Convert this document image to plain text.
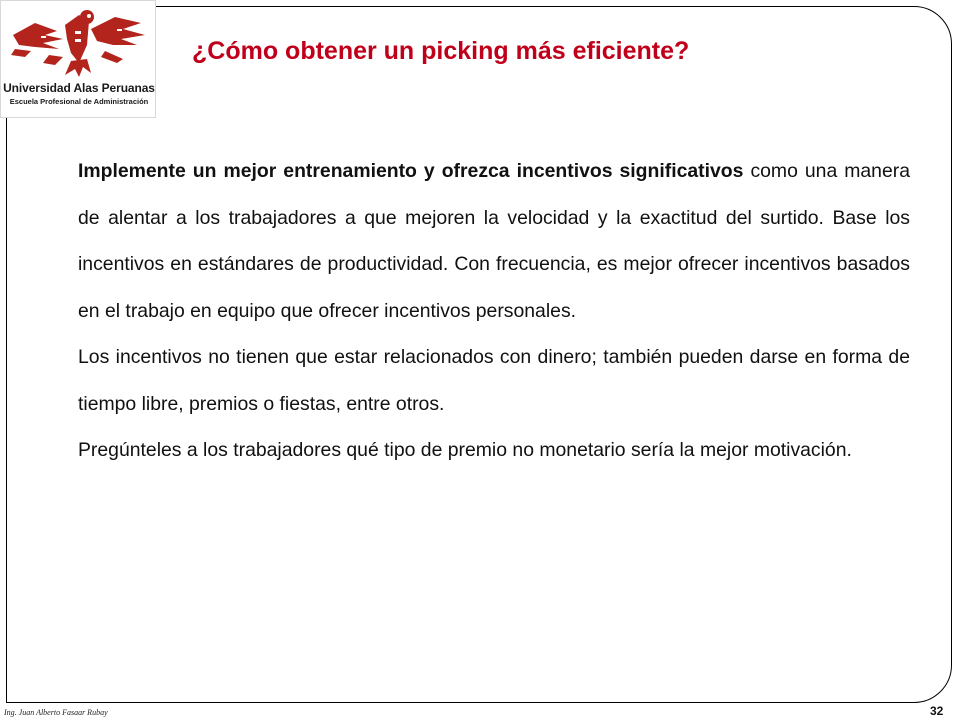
Universidad Alas Peruanas
Escuela Profesional de Administración
¿Cómo obtener un picking más eficiente?

Implemente un mejor entrenamiento y ofrezca incentivos significativos como una manera de alentar a los trabajadores a que mejoren la velocidad y la exactitud del surtido. Base los incentivos en estándares de productividad. Con frecuencia, es mejor ofrecer incentivos basados en el trabajo en equipo que ofrecer incentivos personales.

Los incentivos no tienen que estar relacionados con dinero; también pueden darse en forma de tiempo libre, premios o fiestas, entre otros.

Pregúnteles a los trabajadores qué tipo de premio no monetario sería la mejor motivación.

Ing. Juan Alberto Fasaar Rubay	32
